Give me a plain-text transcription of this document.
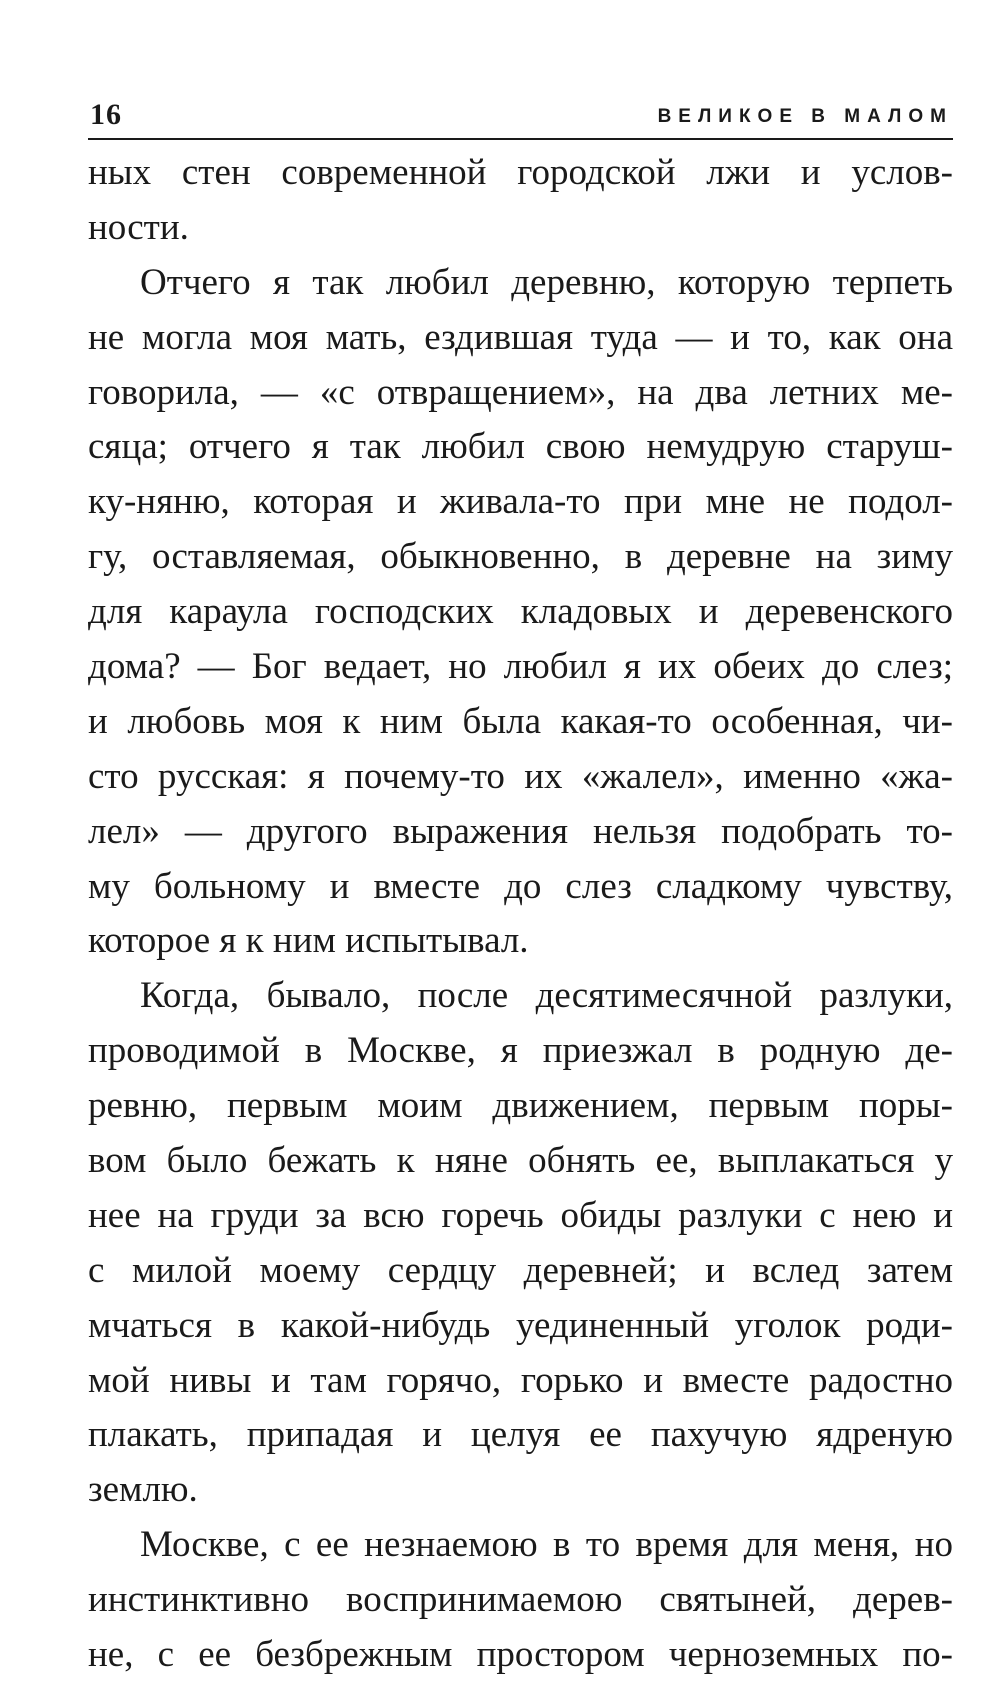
16	ВЕЛИКОЕ В МАЛОМ
ных стен современной городской лжи и услов-
ности.
Отчего я так любил деревню, которую терпеть
не могла моя мать, ездившая туда — и то, как она
говорила, — «с отвращением», на два летних ме-
сяца; отчего я так любил свою немудрую старуш-
ку-няню, которая и живала-то при мне не подол-
гу, оставляемая, обыкновенно, в деревне на зиму
для караула господских кладовых и деревенского
дома? — Бог ведает, но любил я их обеих до слез;
и любовь моя к ним была какая-то особенная, чи-
сто русская: я почему-то их «жалел», именно «жа-
лел» — другого выражения нельзя подобрать то-
му больному и вместе до слез сладкому чувству,
которое я к ним испытывал.
Когда, бывало, после десятимесячной разлуки,
проводимой в Москве, я приезжал в родную де-
ревню, первым моим движением, первым поры-
вом было бежать к няне обнять ее, выплакаться у
нее на груди за всю горечь обиды разлуки с нею и
с милой моему сердцу деревней; и вслед затем
мчаться в какой-нибудь уединенный уголок роди-
мой нивы и там горячо, горько и вместе радостно
плакать, припадая и целуя ее пахучую ядреную
землю.
Москве, с ее незнаемою в то время для меня, но
инстинктивно воспринимаемою святыней, дерев-
не, с ее безбрежным простором черноземных по-
